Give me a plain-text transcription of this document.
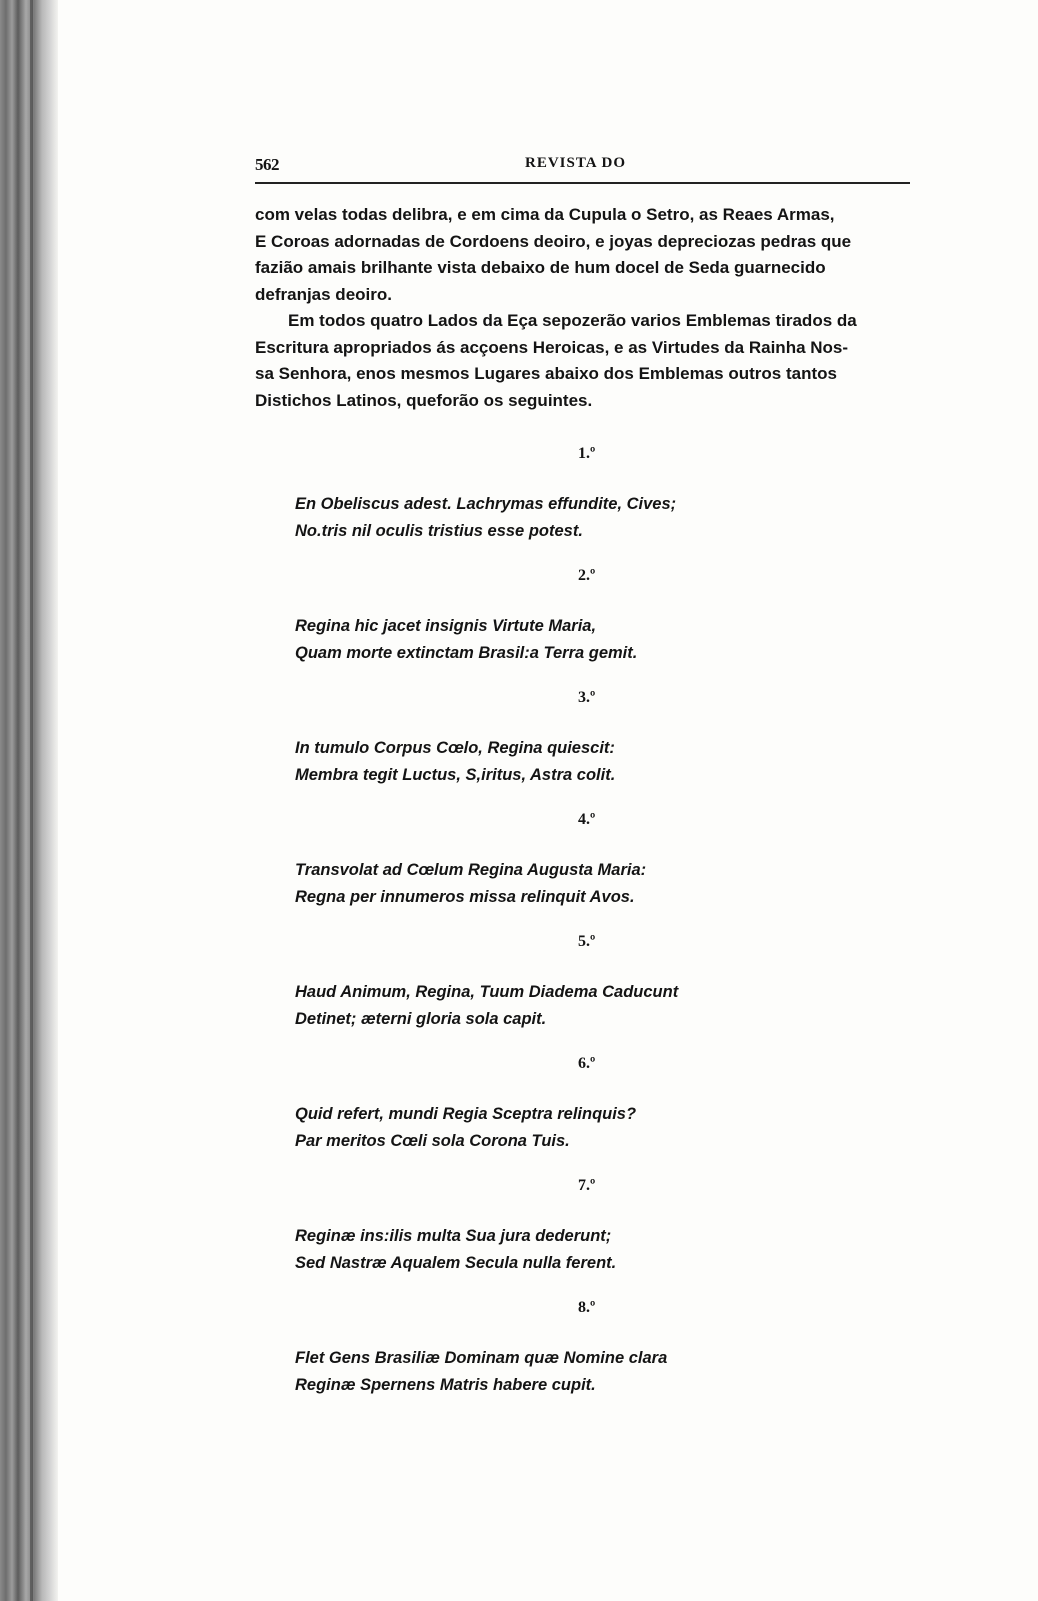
562	REVISTA DO

com velas todas delibra, e em cima da Cupula o Setro, as Reaes Armas,
E Coroas adornadas de Cordoens deoiro, e joyas depreciozas pedras que
fazião amais brilhante vista debaixo de hum docel de Seda guarnecido
defranjas deoiro.

Em todos quatro Lados da Eça sepozerão varios Emblemas tirados da
Escritura apropriados ás acçoens Heroicas, e as Virtudes da Rainha Nos-
sa Senhora, enos mesmos Lugares abaixo dos Emblemas outros tantos
Distichos Latinos, queforão os seguintes.

1.º
En Obeliscus adest. Lachrymas effundite, Cives;
No.tris nil oculis tristius esse potest.
2.º
Regina hic jacet insignis Virtute Maria,
Quam morte extinctam Brasil:a Terra gemit.
3.º
In tumulo Corpus Cœlo, Regina quiescit:
Membra tegit Luctus, S,iritus, Astra colit.
4.º
Transvolat ad Cœlum Regina Augusta Maria:
Regna per innumeros missa relinquit Avos.
5.º
Haud Animum, Regina, Tuum Diadema Caducunt
Detinet; æterni gloria sola capit.
6.º
Quid refert, mundi Regia Sceptra relinquis?
Par meritos Cœli sola Corona Tuis.
7.º
Reginæ ins:ilis multa Sua jura dederunt;
Sed Nastræ Aqualem Secula nulla ferent.
8.º
Flet Gens Brasiliæ Dominam quæ Nomine clara
Reginæ Spernens Matris habere cupit.
